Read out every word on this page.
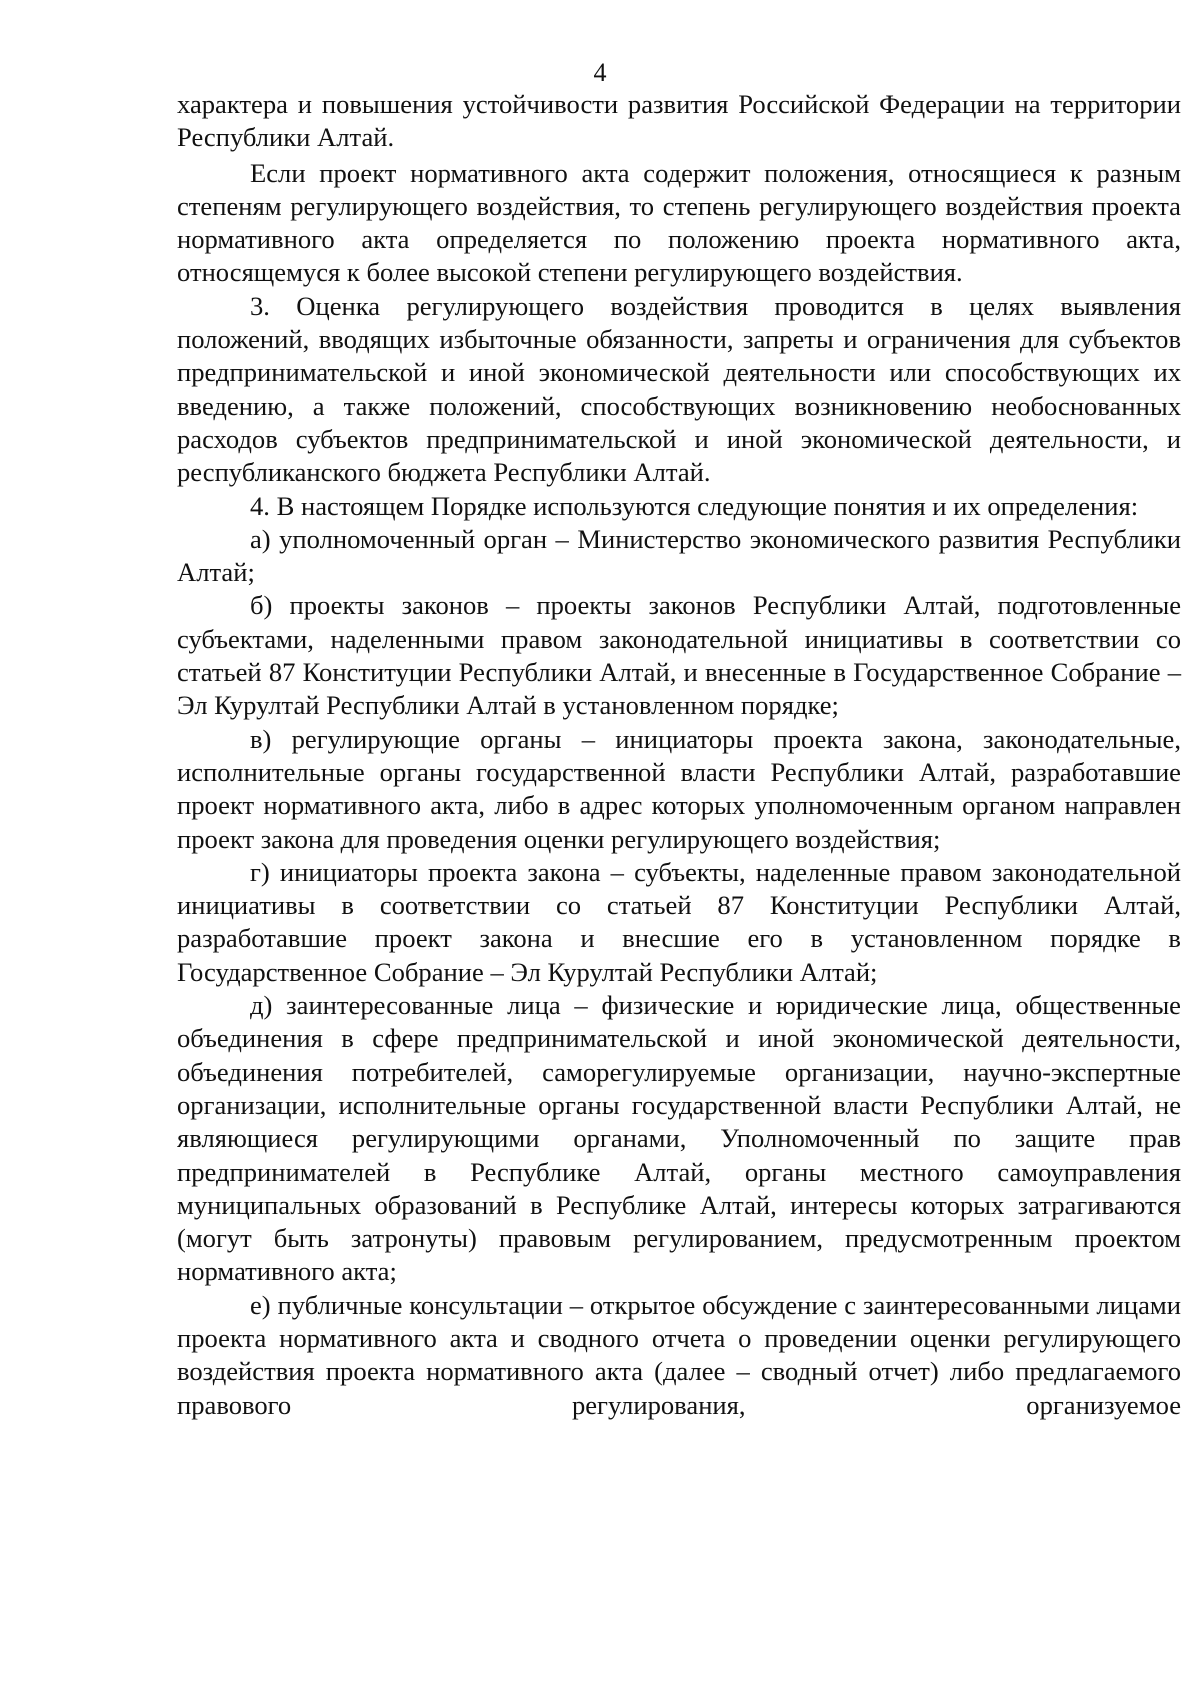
4

характера и повышения устойчивости развития Российской Федерации на территории Республики Алтай.

Если проект нормативного акта содержит положения, относящиеся к разным степеням регулирующего воздействия, то степень регулирующего воздействия проекта нормативного акта определяется по положению проекта нормативного акта, относящемуся к более высокой степени регулирующего воздействия.

3. Оценка регулирующего воздействия проводится в целях выявления положений, вводящих избыточные обязанности, запреты и ограничения для субъектов предпринимательской и иной экономической деятельности или способствующих их введению, а также положений, способствующих возникновению необоснованных расходов субъектов предпринимательской и иной экономической деятельности, и республиканского бюджета Республики Алтай.

4. В настоящем Порядке используются следующие понятия и их определения:

а) уполномоченный орган – Министерство экономического развития Республики Алтай;

б) проекты законов – проекты законов Республики Алтай, подготовленные субъектами, наделенными правом законодательной инициативы в соответствии со статьей 87 Конституции Республики Алтай, и внесенные в Государственное Собрание – Эл Курултай Республики Алтай в установленном порядке;

в) регулирующие органы – инициаторы проекта закона, законодательные, исполнительные органы государственной власти Республики Алтай, разработавшие проект нормативного акта, либо в адрес которых уполномоченным органом направлен проект закона для проведения оценки регулирующего воздействия;

г) инициаторы проекта закона – субъекты, наделенные правом законодательной инициативы в соответствии со статьей 87 Конституции Республики Алтай, разработавшие проект закона и внесшие его в установленном порядке в Государственное Собрание – Эл Курултай Республики Алтай;

д) заинтересованные лица – физические и юридические лица, общественные объединения в сфере предпринимательской и иной экономической деятельности, объединения потребителей, саморегулируемые организации, научно-экспертные организации, исполнительные органы государственной власти Республики Алтай, не являющиеся регулирующими органами, Уполномоченный по защите прав предпринимателей в Республике Алтай, органы местного самоуправления муниципальных образований в Республике Алтай, интересы которых затрагиваются (могут быть затронуты) правовым регулированием, предусмотренным проектом нормативного акта;

е) публичные консультации – открытое обсуждение с заинтересованными лицами проекта нормативного акта и сводного отчета о проведении оценки регулирующего воздействия проекта нормативного акта (далее – сводный отчет) либо предлагаемого правового регулирования, организуемое
